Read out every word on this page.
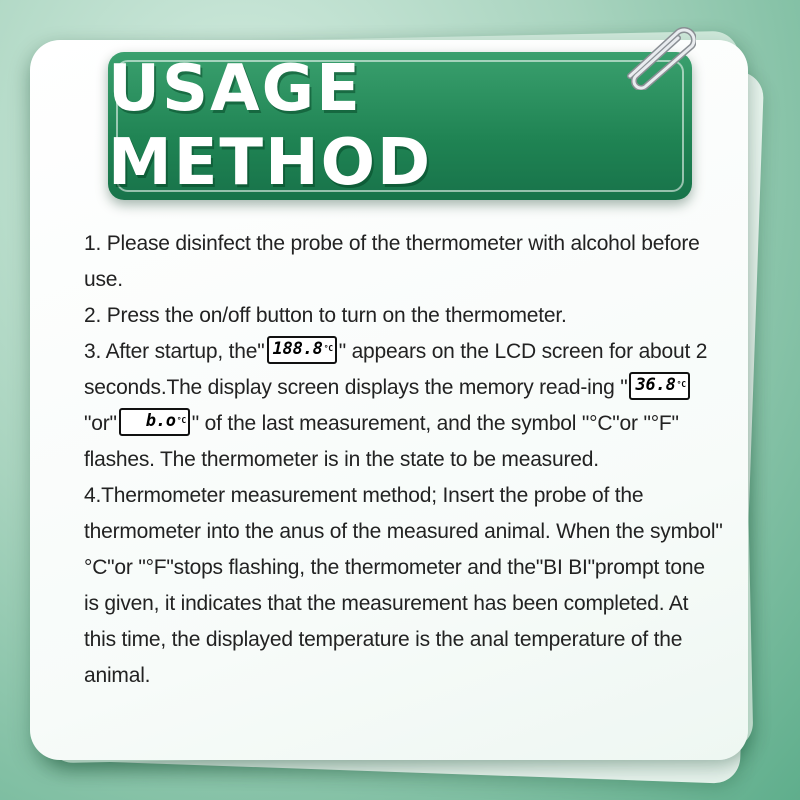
USAGE METHOD

1. Please disinfect the probe of the thermometer with alcohol before use.

2. Press the on/off button to turn on the thermometer.

3. After startup, the" 188.8°C " appears on the LCD screen for about 2 seconds.The display screen displays the memory read-ing " 36.8°C"or" b.o°C " of the last measurement, and the symbol "°C"or "°F" flashes. The thermometer is in the state to be measured.

4.Thermometer measurement method; Insert the probe of the thermometer into the anus of the measured animal. When the symbol" °C"or "°F"stops flashing, the thermometer and the"BI BI"prompt tone is given, it indicates that the measurement has been completed. At this time, the displayed temperature is the anal temperature of the animal.
